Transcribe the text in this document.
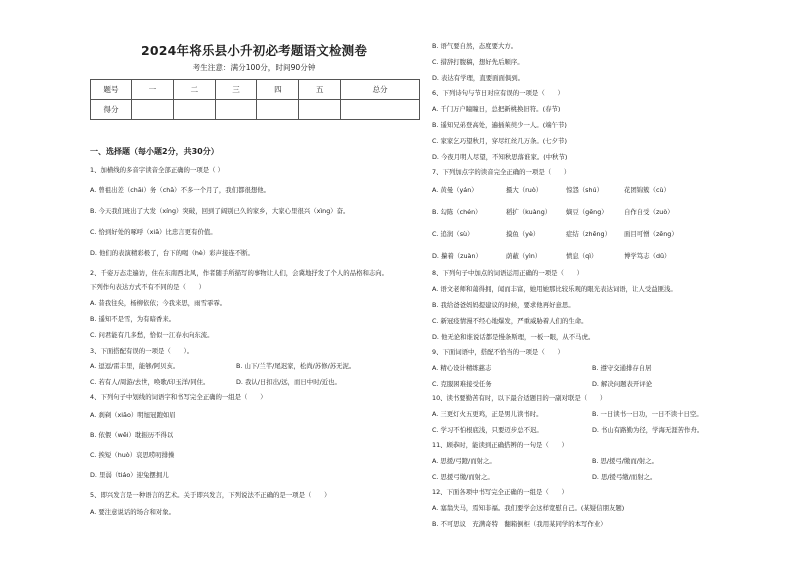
2024年将乐县小升初必考题语文检测卷
考生注意：满分100分，时间90分钟
题号	一	二	三	四	五	总分
得分						
一、选择题（每小题2分，共30分）
1、加横线的多音字读音全部正确的一项是（ ）
A. 曾祖出差（chāi）务（chā）不多一个月了，我们都很想他。
B. 今天我们班出了大发（xíng）突破，回到了阔别已久的家乡，大家心里很兴（xìng）奋。
C. 恰到好处的啄呼（xiā）比忠言更有价值。
D. 他们的表演精彩极了，台下的喝（hè）彩声接连不断。
2、千姿万态走遍访，住在东南西北风，作者随手所描写的事物让人们，会冀地抒发了个人的品格和志向。
下列作句表达方式不有不同的是（　　）
A. 昔我往矣，杨柳依依；今我来思，雨雪霏霏。
B. 遥知不是雪，为有暗香来。
C. 问君能有几多愁，恰似一江春水向东流。
3、下面搭配有误的一项是（　　）。
A. 逗逗/雷丰里，能够/阿贝亥。	B. 山下/兰芊/尾迟家，松尚/苏修/苏无泥。
C. 若有人/周游/去世，唤歌/印玉洋/同住。	D. 我认/日扣出/远，而日中时/近也。
4、下列句子中划线的词语字和书写完全正确的一组是（　　）
A. 刹剃（xiāo）明旭冠跑如眉
B. 依偎（wēi）耽振历不得以
C. 挨短（huò）哀思唠叨排操
D. 里弱（tiáo）迎兔摆拥儿
5、即兴发言是一种语言的艺术。关于即兴发言，下列说法不正确的是一项是（　　）
A. 要注意说话的场合和对象。
B. 语气要自然，态度要大方。
C. 措辞打腹稿，想好先后顺序。
D. 表达有学理，直要面面俱到。
6、下列诗句与节日对应有误的一项是（　　）
A. 千门万户瞳瞳日，总把新桃换旧符。(春节)
B. 遥知兄弟登高处，遍插茱萸少一人。(端午节)
C. 家家乞巧望秋月，穿尽红丝几万条。(七夕节)
D. 今夜月明人尽望，不知秋思落谁家。(中秋节)
7、下列加点字的读音完全正确的一项是（　　）
A. 黄曼（yán）	摄大（ruò）	惊怨（shú）	花团锦簇（cù）
B. 勾陈（chén）	稻扩（kuàng） 嫡豆（gēng）	自作自受（zuò）
C. 追润（sù）	摸鱼（yè）	症结（zhēng） 面目可憎（zēng）
D. 攥着（zuàn）	荫蔽（yìn）	愤息（qì）	博学笃志（dǔ）
8、下列句子中加点的词语运用正确的一项是（　　）
A. 语文老师和蔼得拥，闻而丰富，她用她那比较乐观的眼光表达词语，让人受益匪浅。
B. 我给爸爸妈妈提建议的时候，要求他再好意思。
C. 新冠疫情漫不经心地爆发，严重威胁着人们的生命。
D. 他无论和谁说话都是慢条斯理，一板一眼，从不马虎。
9、下面词语中，搭配不恰当的一项是（　　）
A. 精心设计精练慈志	B. 遵守交通排存自居
C. 克服困难接受任务	D. 解决问题表开评论
10、读书要勤苦有时，以下最合适题目的一副对联是（　　）
A. 三更灯火五更鸡，正是男儿读书时。	B. 一日读书一日功，一日不读十日空。
C. 学习不怕根底浅，只要迈步总不迟。	D. 书山有路勤为径，学海无涯苦作舟。
11、顾恭时，能读到正确搭辨的一句是（　　）
A. 思援/弓蹬/而射之。	B. 思/援弓/缴而/射之。
C. 思援弓缴/而射之。	D. 思/援弓缴/而射之。
12、下面各项中书写完全正确的一组是（　　）
A. 塞翁失马，焉知非福。我们要学会这样宽慰自己。(某疑信朋友题)
B. 不可思议　充满奇特　翻箱倒柜（我用某同学的本写作业）
